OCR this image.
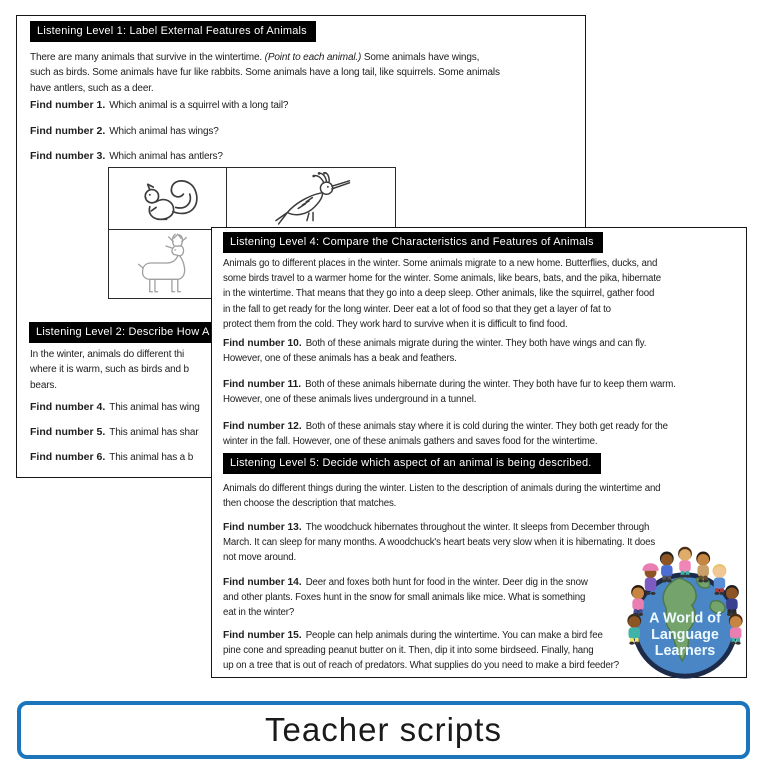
Listening Level 1: Label External Features of Animals
There are many animals that survive in the wintertime. (Point to each animal.) Some animals have wings,
such as birds. Some animals have fur like rabbits. Some animals have a long tail, like squirrels. Some animals
have antlers, such as a deer.
Find number 1. Which animal is a squirrel with a long tail?
Find number 2. Which animal has wings?
Find number 3. Which animal has antlers?
Listening Level 2: Describe How A
In the winter, animals do different thi
where it is warm, such as birds and b
bears.
Find number 4. This animal has wing
Find number 5. This animal has shar
Find number 6. This animal has a b
Listening Level 4: Compare the Characteristics and Features of Animals
Animals go to different places in the winter. Some animals migrate to a new home. Butterflies, ducks, and
some birds travel to a warmer home for the winter. Some animals, like bears, bats, and the pika, hibernate
in the wintertime. That means that they go into a deep sleep. Other animals, like the squirrel, gather food
in the fall to get ready for the long winter. Deer eat a lot of food so that they get a layer of fat to
protect them from the cold. They work hard to survive when it is difficult to find food.
Find number 10. Both of these animals migrate during the winter. They both have wings and can fly.
However, one of these animals has a beak and feathers.
Find number 11. Both of these animals hibernate during the winter. They both have fur to keep them warm.
However, one of these animals lives underground in a tunnel.
Find number 12. Both of these animals stay where it is cold during the winter. They both get ready for the
winter in the fall. However, one of these animals gathers and saves food for the wintertime.
Listening Level 5: Decide which aspect of an animal is being described.
Animals do different things during the winter. Listen to the description of animals during the wintertime and
then choose the description that matches.
Find number 13. The woodchuck hibernates throughout the winter. It sleeps from December through
March. It can sleep for many months. A woodchuck's heart beats very slow when it is hibernating. It does
not move around.
Find number 14. Deer and foxes both hunt for food in the winter. Deer dig in the snow
and other plants. Foxes hunt in the snow for small animals like mice. What is something
eat in the winter?
Find number 15. People can help animals during the wintertime. You can make a bird fee
pine cone and spreading peanut butter on it. Then, dip it into some birdseed. Finally, hang
up on a tree that is out of reach of predators. What supplies do you need to make a bird feeder?
A World of
Language
Learners
Teacher scripts
